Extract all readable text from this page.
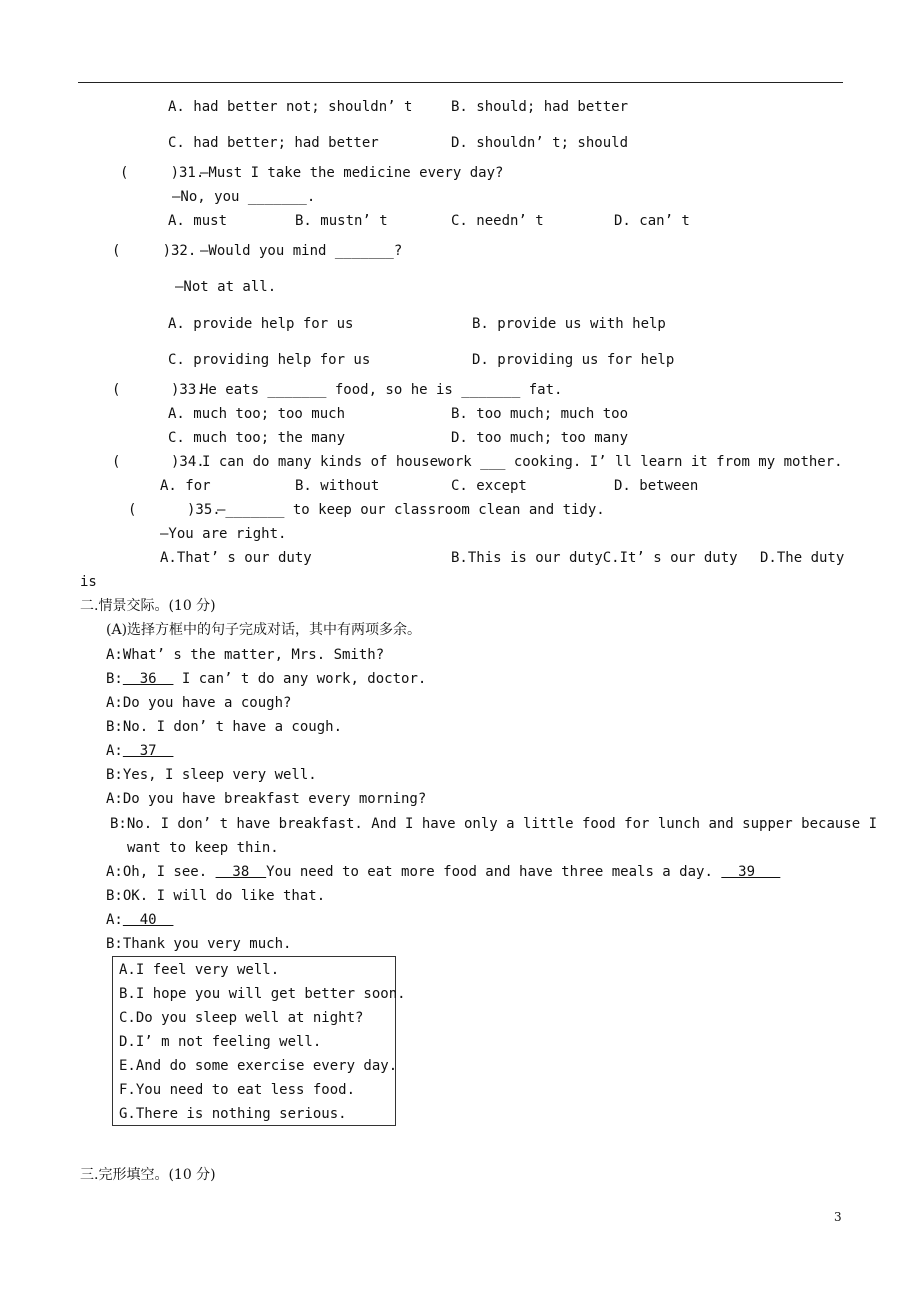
A. had better not; shouldn’ t	B. should; had better
C. had better; had better	D. shouldn’ t; should
(     )31.
—Must I take the medicine every day?
—No, you _______.
A. must	B. mustn’ t	C. needn’ t	D. can’ t
(     )32. —Would you mind _______?
—Not at all.
A. provide help for us	B. provide us with help
C. providing help for us	D. providing us for help
(      )33.
He eats _______ food, so he is _______ fat.
A. much too; too much	B. too much; much too
C. much too; the many	D. too much; too many
(      )34.
I can do many kinds of housework ___ cooking. I’ ll learn it from my mother.
A. for	B. without	C. except	D. between
(      )35.
—_______ to keep our classroom clean and tidy.
—You are right.
A.That’ s our duty	B.This is our dutyC.It’ s our duty D.The duty
is
二.情景交际。(10 分)
(A)选择方框中的句子完成对话，其中有两项多余。
A:What’ s the matter, Mrs. Smith?
B:  36   I can’ t do any work, doctor.
A:Do you have a cough?
B:No. I don’ t have a cough.
A:  37
B:Yes, I sleep very well.
A:Do you have breakfast every morning?
B:No. I don’ t have breakfast. And I have only a little food for lunch and supper because I
want to keep thin.
A:Oh, I see.   38  You need to eat more food and have three meals a day.   39
B:OK. I will do like that.
A:  40
B:Thank you very much.
A.I feel very well.
B.I hope you will get better soon.
C.Do you sleep well at night?
D.I’ m not feeling well.
E.And do some exercise every day.
F.You need to eat less food.
G.There is nothing serious.
三.完形填空。(10 分)
3
